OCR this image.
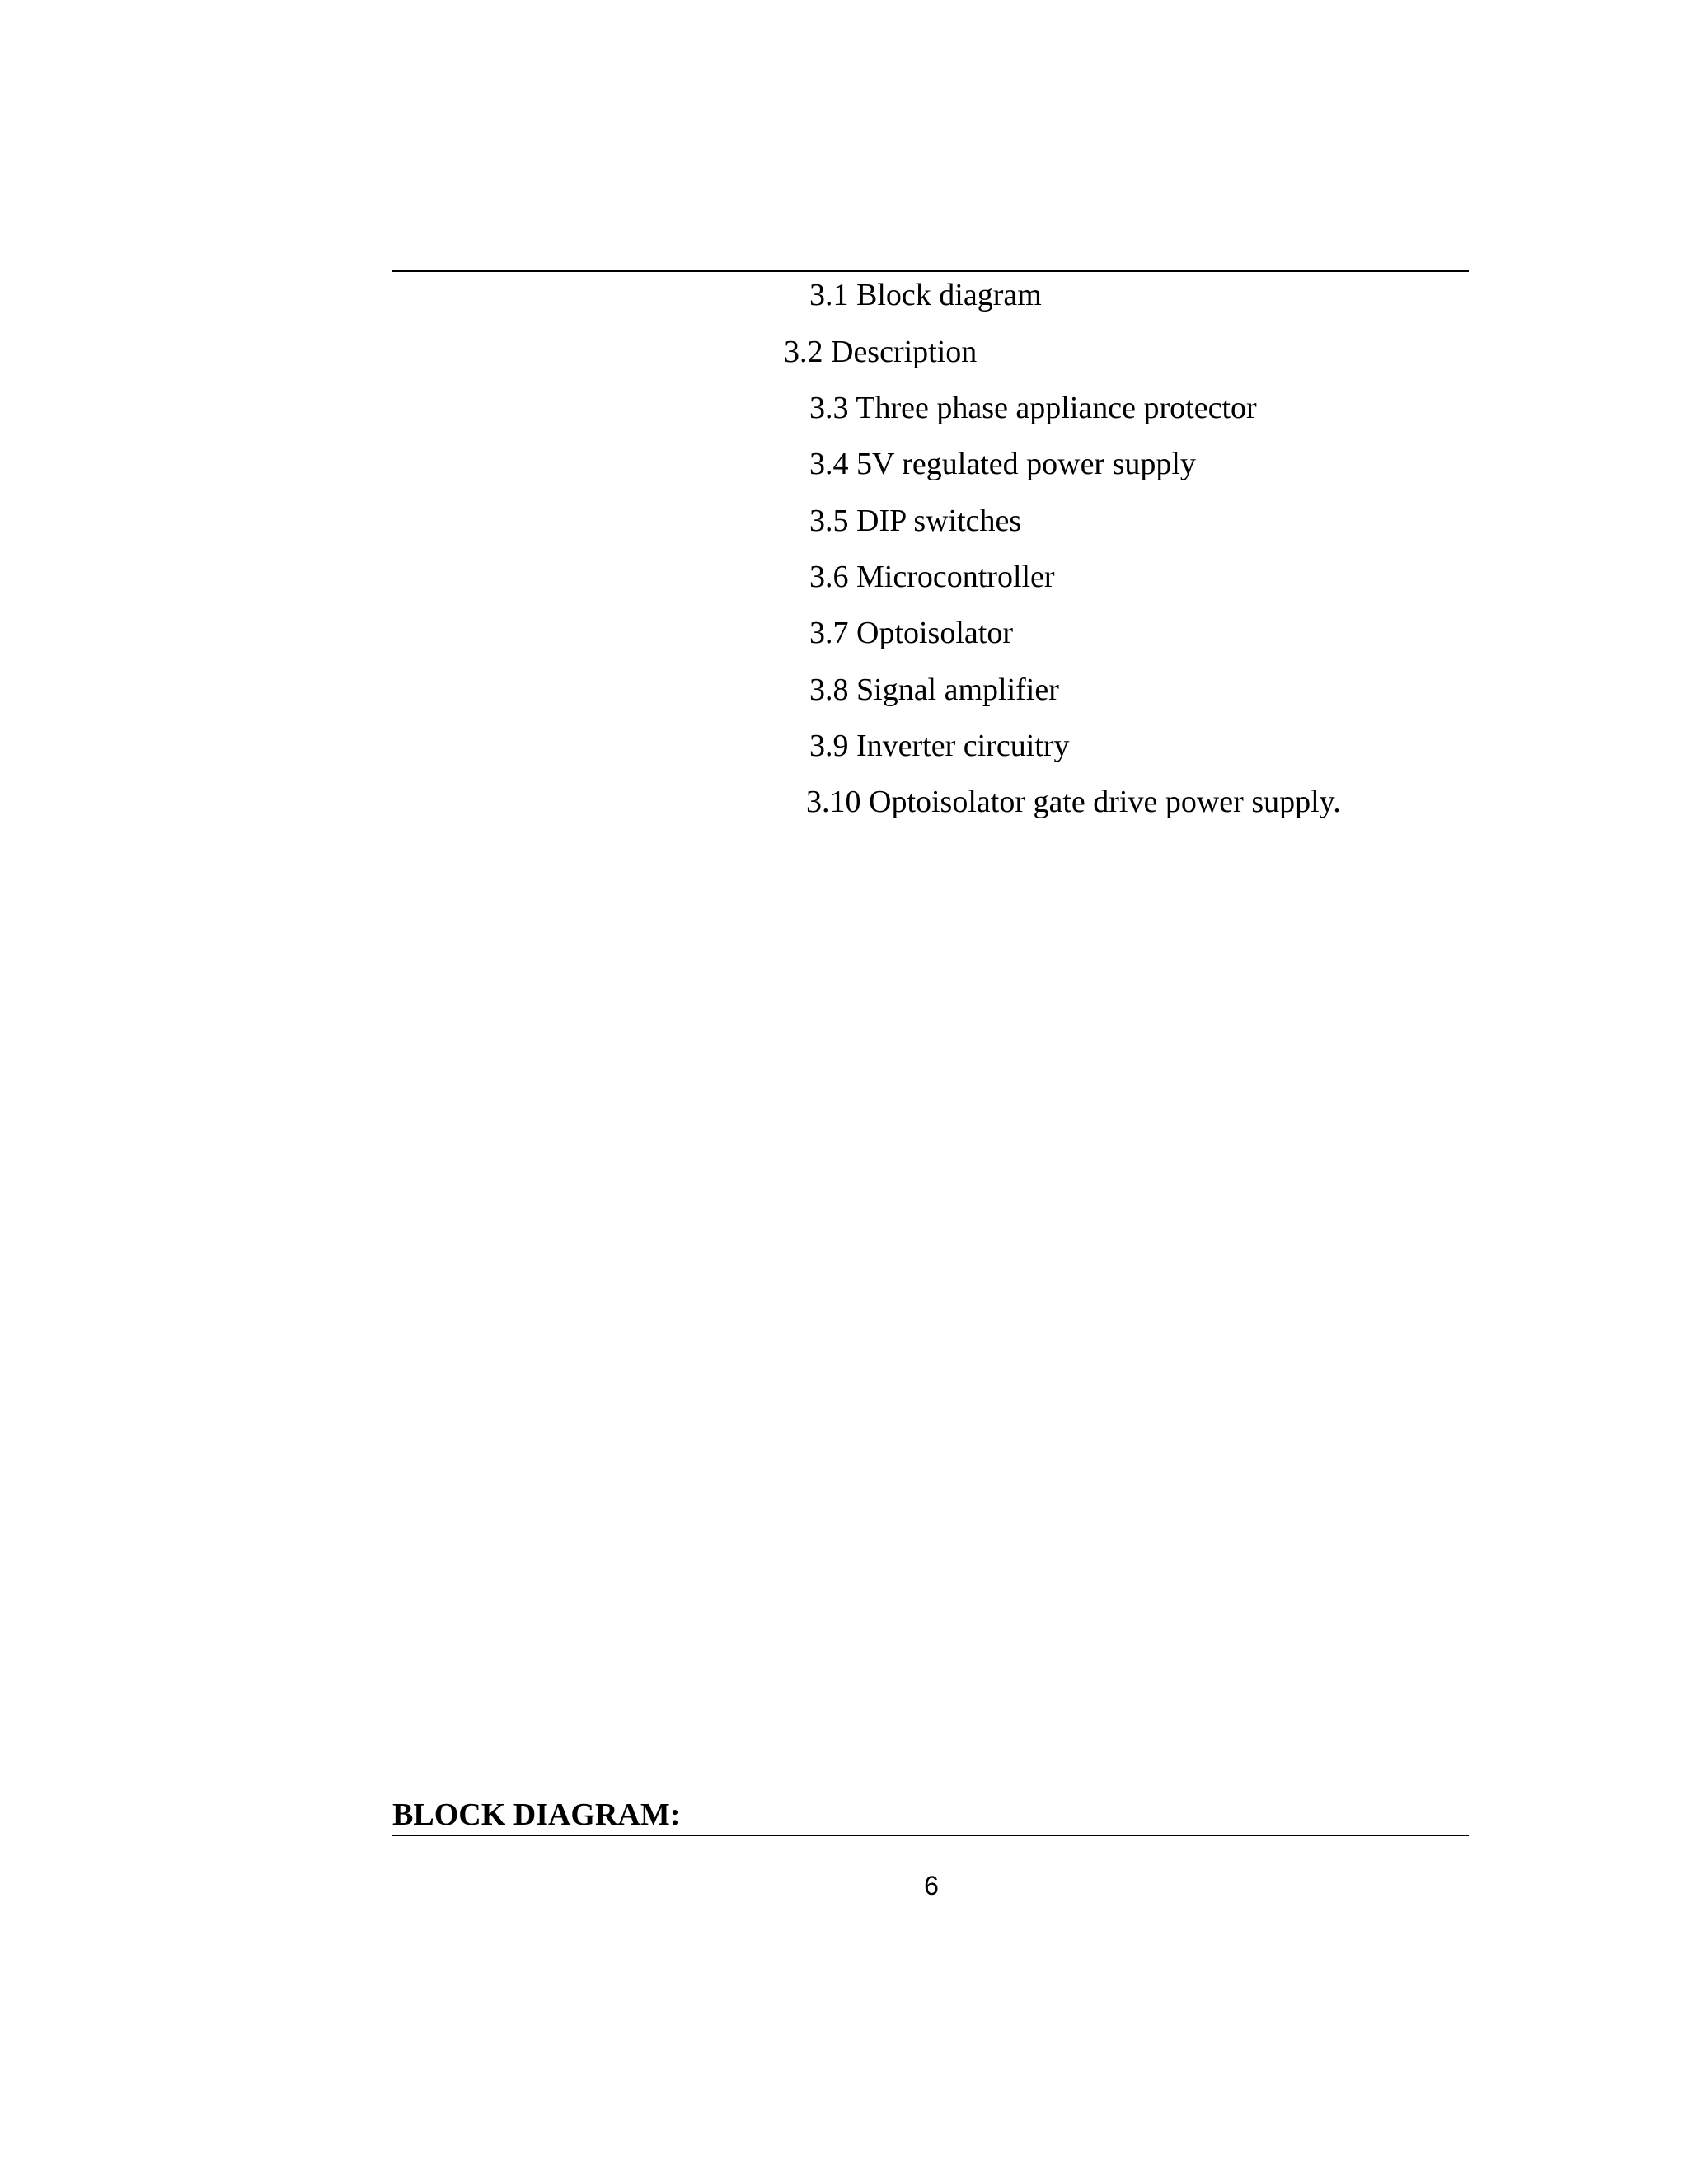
3.1 Block diagram
3.2 Description
3.3 Three phase appliance protector
3.4 5V regulated power supply
3.5 DIP switches
3.6 Microcontroller
3.7 Optoisolator
3.8 Signal amplifier
3.9 Inverter circuitry
3.10 Optoisolator gate drive power supply.
BLOCK DIAGRAM:
6
